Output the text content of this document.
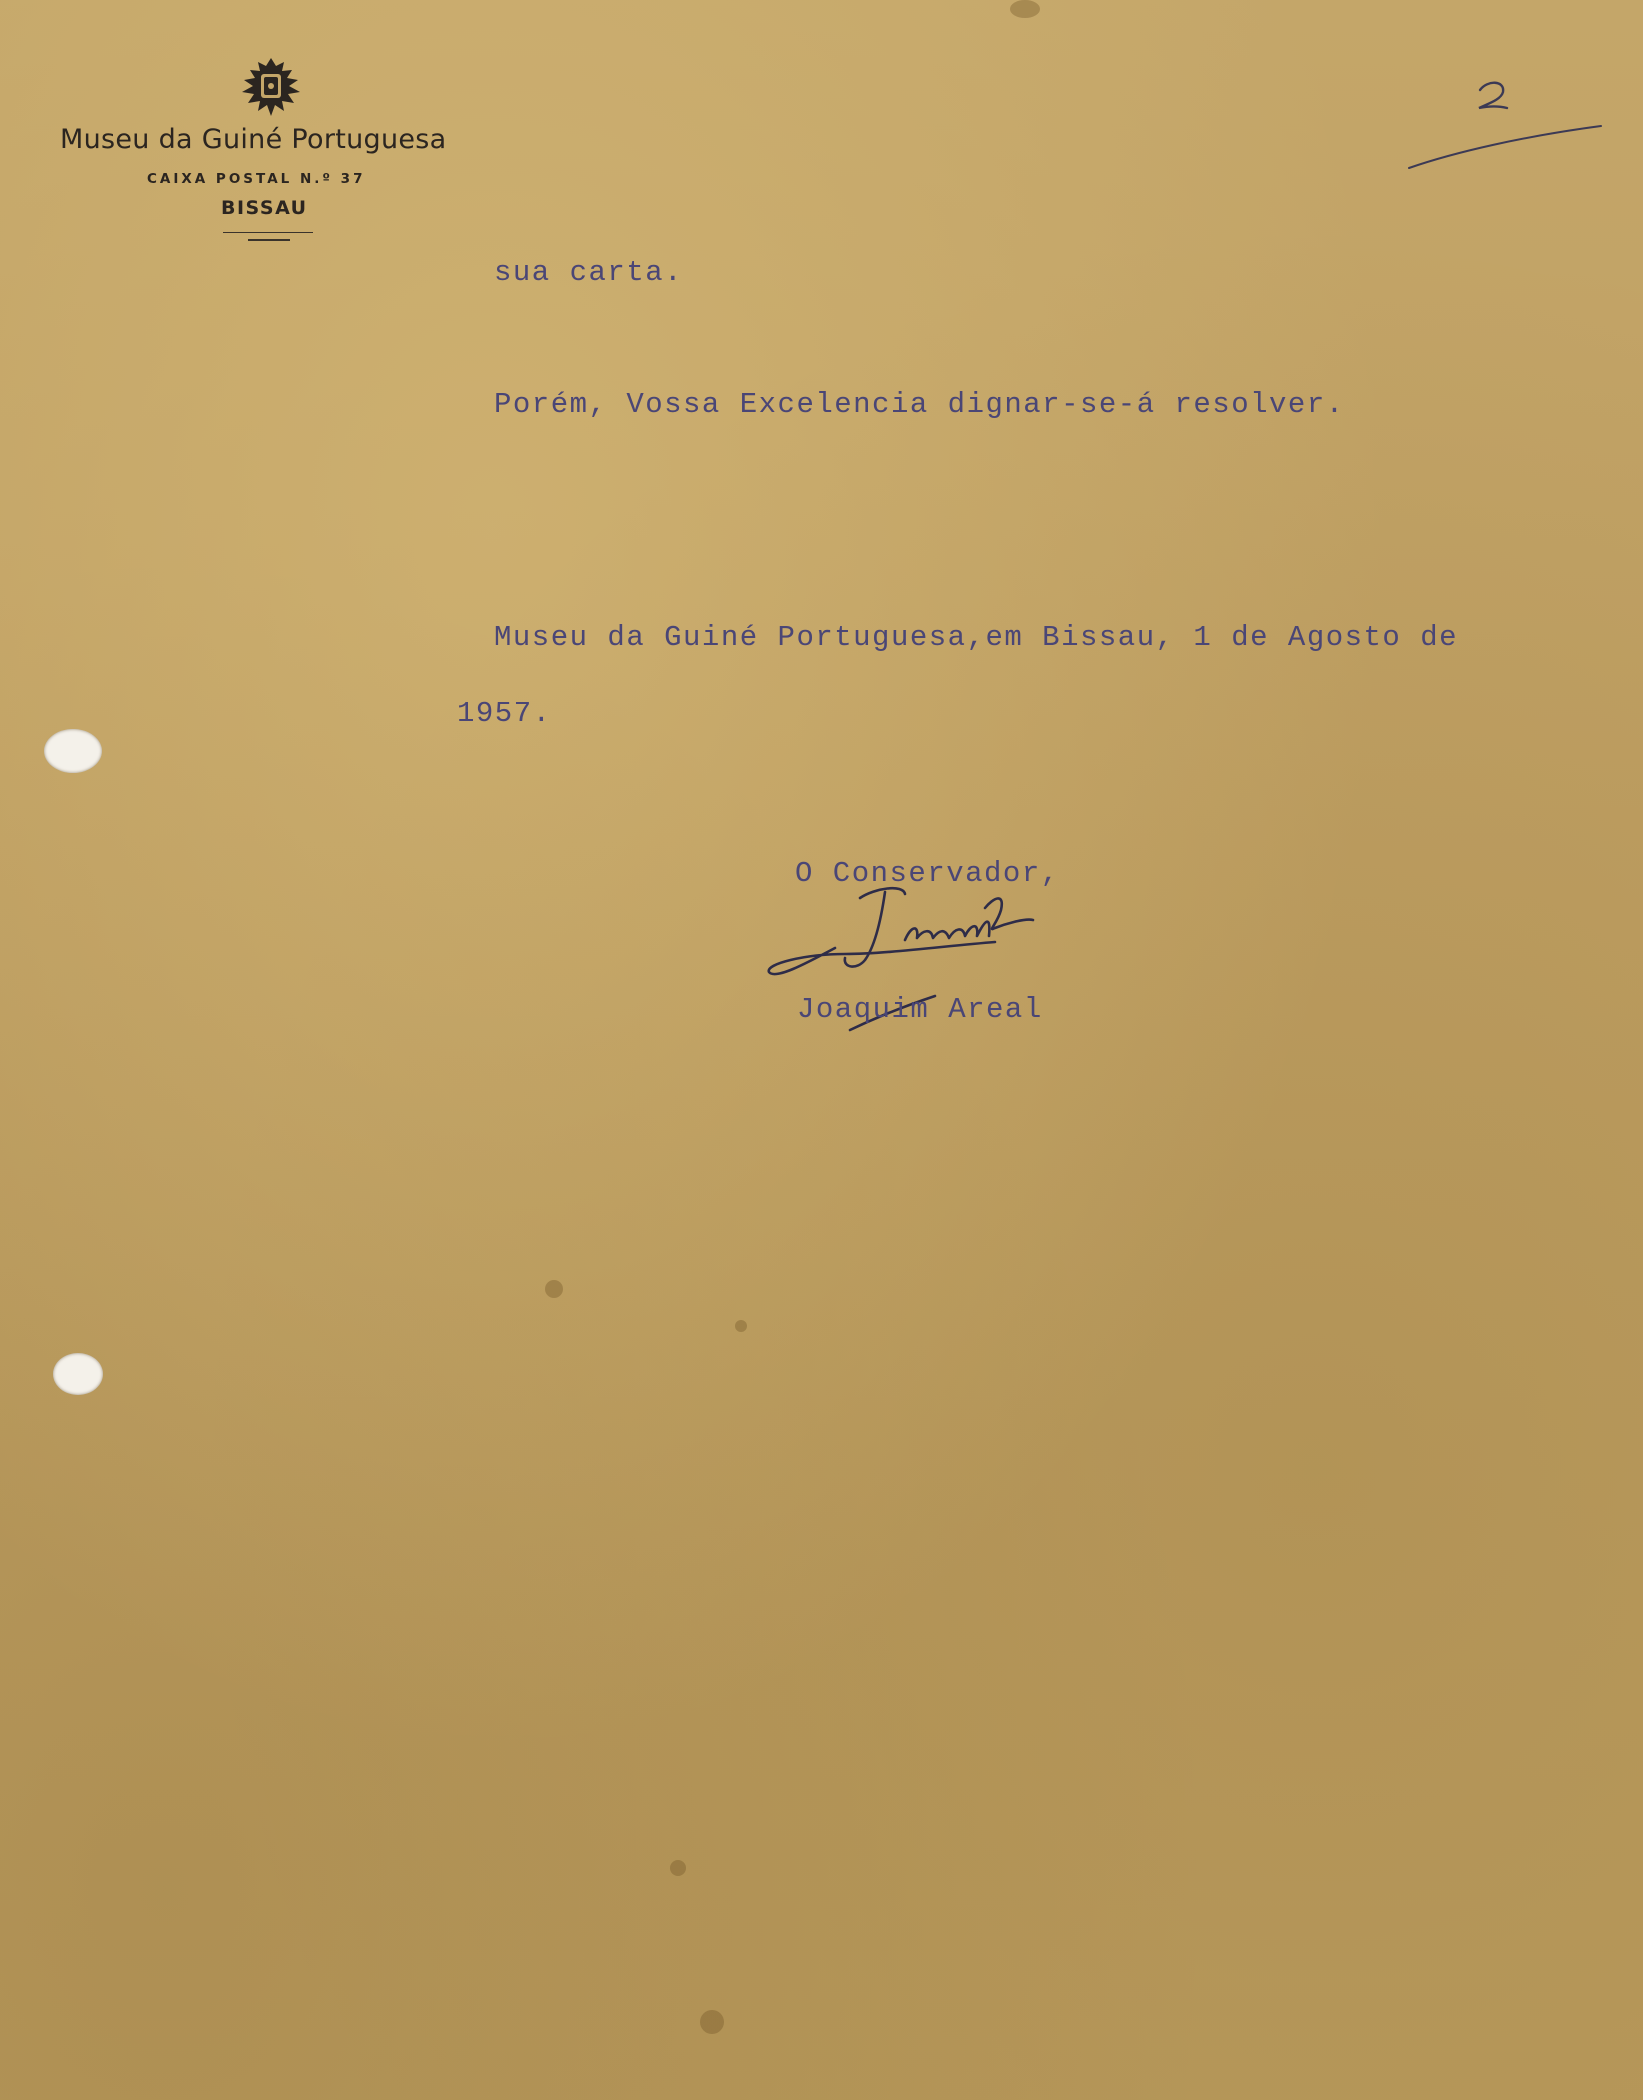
Museu da Guiné Portuguesa
CAIXA POSTAL N.º 37
BISSAU

sua carta.

Porém, Vossa Excelencia dignar-se-á resolver.

Museu da Guiné Portuguesa,em Bissau, 1 de Agosto de

1957.

O Conservador,

Joaquim Areal
